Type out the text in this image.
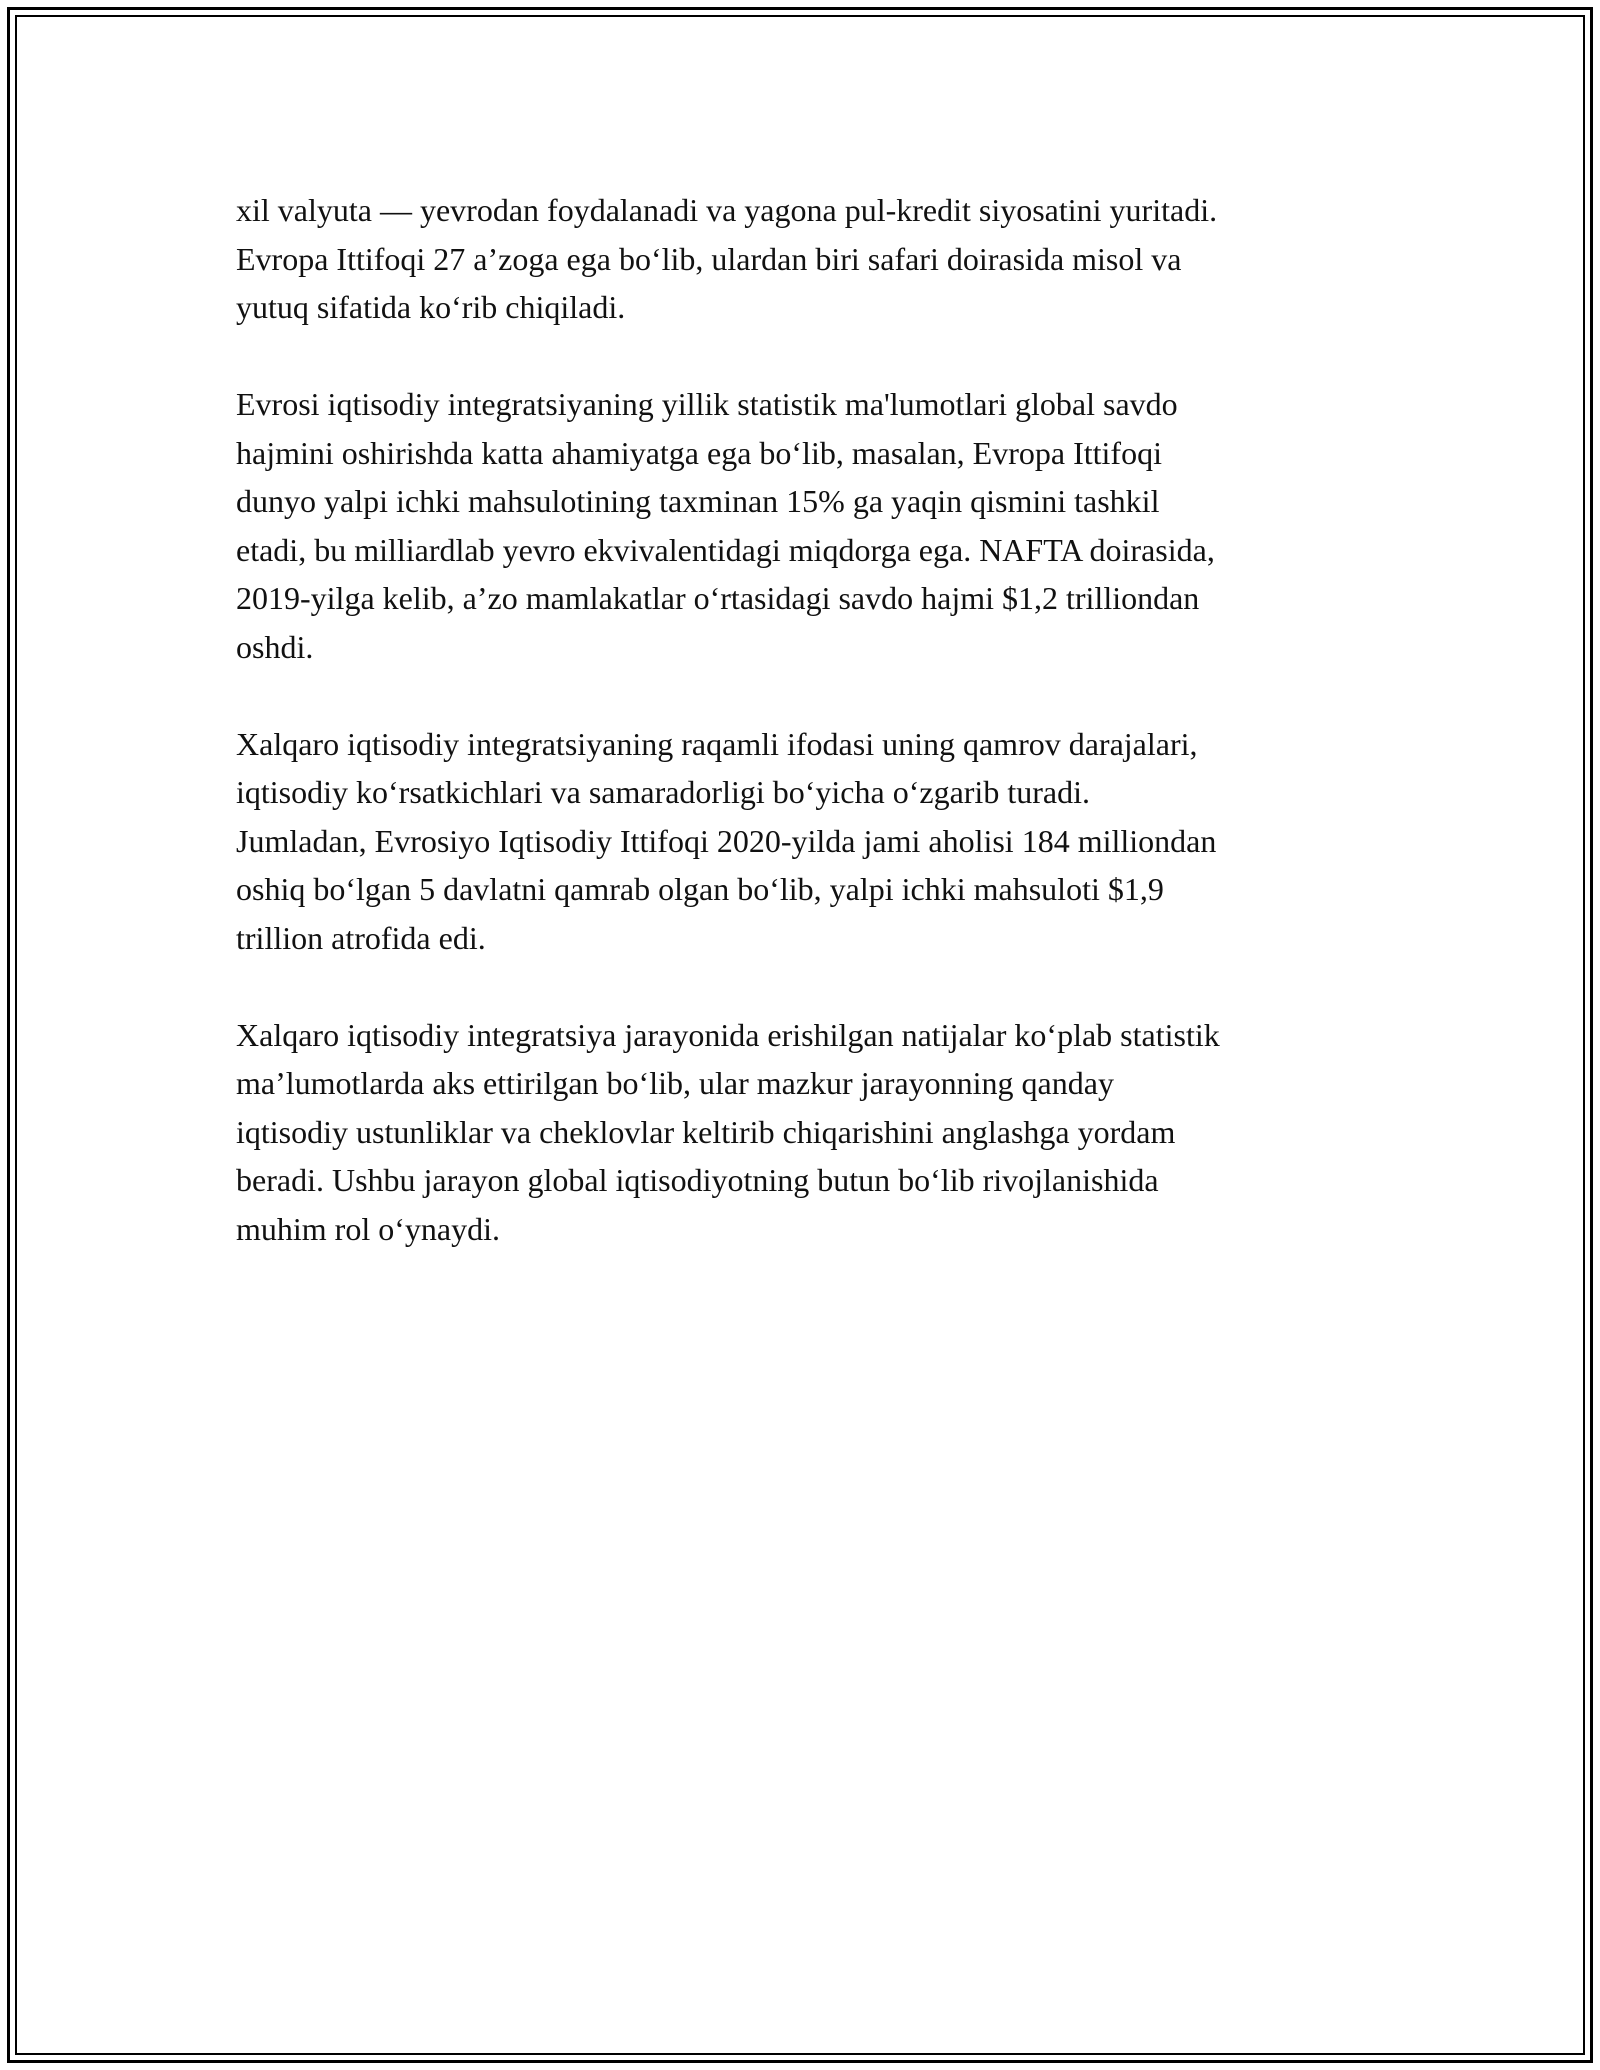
xil valyuta — yevrodan foydalanadi va yagona pul-kredit siyosatini yuritadi.
Evropa Ittifoqi 27 a’zoga ega bo‘lib, ulardan biri safari doirasida misol va
yutuq sifatida ko‘rib chiqiladi.

Evrosi iqtisodiy integratsiyaning yillik statistik ma'lumotlari global savdo
hajmini oshirishda katta ahamiyatga ega bo‘lib, masalan, Evropa Ittifoqi
dunyo yalpi ichki mahsulotining taxminan 15% ga yaqin qismini tashkil
etadi, bu milliardlab yevro ekvivalentidagi miqdorga ega. NAFTA doirasida,
2019-yilga kelib, a’zo mamlakatlar o‘rtasidagi savdo hajmi $1,2 trilliondan
oshdi.

Xalqaro iqtisodiy integratsiyaning raqamli ifodasi uning qamrov darajalari,
iqtisodiy ko‘rsatkichlari va samaradorligi bo‘yicha o‘zgarib turadi.
Jumladan, Evrosiyo Iqtisodiy Ittifoqi 2020-yilda jami aholisi 184 milliondan
oshiq bo‘lgan 5 davlatni qamrab olgan bo‘lib, yalpi ichki mahsuloti $1,9
trillion atrofida edi.

Xalqaro iqtisodiy integratsiya jarayonida erishilgan natijalar ko‘plab statistik
ma’lumotlarda aks ettirilgan bo‘lib, ular mazkur jarayonning qanday
iqtisodiy ustunliklar va cheklovlar keltirib chiqarishini anglashga yordam
beradi. Ushbu jarayon global iqtisodiyotning butun bo‘lib rivojlanishida
muhim rol o‘ynaydi.
